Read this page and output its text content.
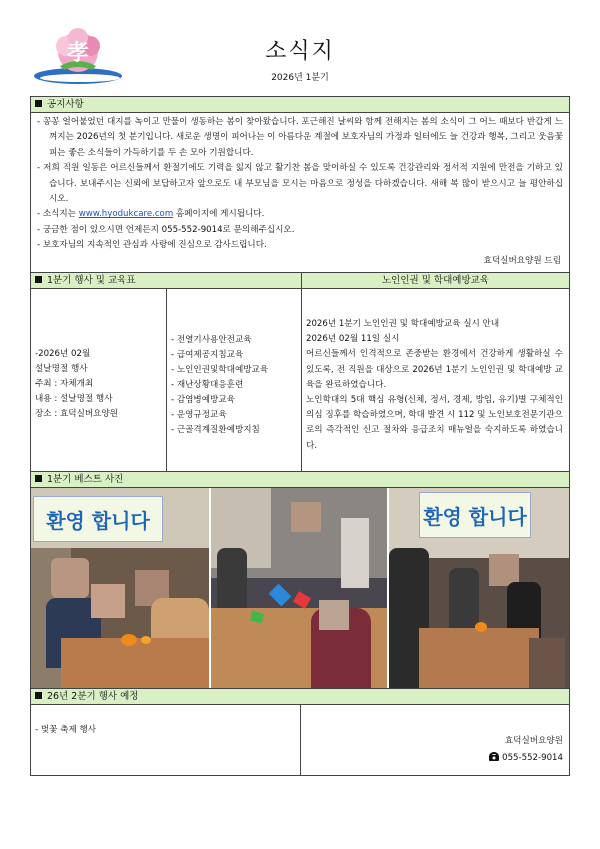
孝	소식지
2026년 1분기
공지사항
- 꽁꽁 얼어붙었던 대지를 녹이고 만물이 생동하는 봄이 찾아왔습니다. 포근해진 날씨와 함께 전해지는 봄의 소식이 그 어느 때보다 반갑게 느껴지는 2026년의 첫 분기입니다. 새로운 생명이 피어나는 이 아름다운 계절에 보호자님의 가정과 일터에도 늘 건강과 행복, 그리고 웃음꽃 피는 좋은 소식들이 가득하기를 두 손 모아 기원합니다.
- 저희 직원 일동은 어르신들께서 환절기에도 기력을 잃지 않고 활기찬 봄을 맞이하실 수 있도록 건강관리와 정서적 지원에 만전을 기하고 있습니다. 보내주시는 신뢰에 보답하고자 앞으로도 내 부모님을 모시는 마음으로 정성을 다하겠습니다. 새해 복 많이 받으시고 늘 평안하십시오.
- 소식지는 www.hyodukcare.com 홈페이지에 게시됩니다.
- 궁금한 점이 있으시면 언제든지 055-552-9014로 문의해주십시오.
- 보호자님의 지속적인 관심과 사랑에 진심으로 감사드립니다.
효덕실버요양원 드림
1분기 행사 및 교육표
-2026년 02월
설날명절 행사
주최 : 자체개최
내용 : 설날명절 행사
장소 : 효덕실버요양원
- 전열기사용안전교육
- 급여제공지침교육
- 노인인권및학대예방교육
- 재난상황대응훈련
- 감염병예방교육
- 운영규정교육
- 근골격계질환예방지침
노인인권 및 학대예방교육
2026년 1분기 노인인권 및 학대예방교육 실시 안내
2026년 02월 11일 실시
어르신들께서 인격적으로 존중받는 환경에서 건강하게 생활하실 수 있도록, 전 직원을 대상으로 2026년 1분기 노인인권 및 학대예방 교육을 완료하였습니다.
노인학대의 5대 핵심 유형(신체, 정서, 경제, 방임, 유기)별 구체적인 의심 징후를 학습하였으며, 학대 발견 시 112 및 노인보호전문기관으로의 즉각적인 신고 절차와 응급조치 매뉴얼을 숙지하도록 하였습니다.
1분기 베스트 사진
환영 합니다	환영 합니다
26년 2분기 행사 예정
- 벚꽃 축제 행사
효덕실버요양원
055-552-9014
